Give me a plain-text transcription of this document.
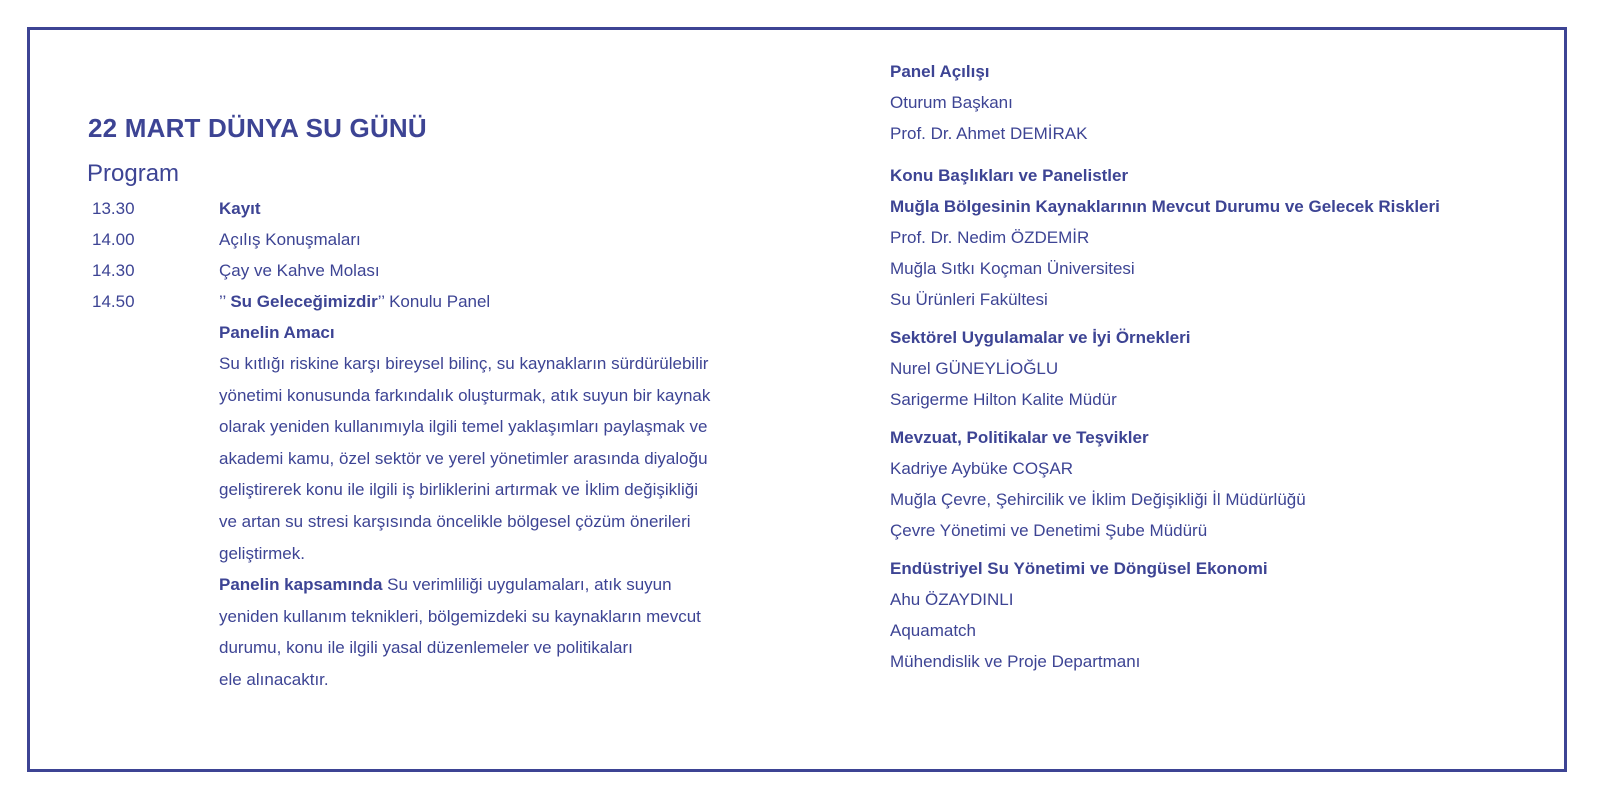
22 MART DÜNYA SU GÜNÜ
Program
13.30	Kayıt
14.00	Açılış Konuşmaları
14.30	Çay ve Kahve Molası
14.50	’’ Su Geleceğimizdir’’ Konulu Panel
Panelin Amacı
Su kıtlığı riskine karşı bireysel bilinç, su kaynakların sürdürülebilir
yönetimi konusunda farkındalık oluşturmak, atık suyun bir kaynak
olarak yeniden kullanımıyla ilgili temel yaklaşımları paylaşmak ve
akademi kamu, özel sektör ve yerel yönetimler arasında diyaloğu
geliştirerek konu ile ilgili iş birliklerini artırmak ve İklim değişikliği
ve artan su stresi karşısında öncelikle bölgesel çözüm önerileri
geliştirmek.
Panelin kapsamında Su verimliliği uygulamaları, atık suyun
yeniden kullanım teknikleri, bölgemizdeki su kaynakların mevcut
durumu, konu ile ilgili yasal düzenlemeler ve politikaları
ele alınacaktır.
Panel Açılışı
Oturum Başkanı
Prof. Dr. Ahmet DEMİRAK
Konu Başlıkları ve Panelistler
Muğla Bölgesinin Kaynaklarının Mevcut Durumu ve Gelecek Riskleri
Prof. Dr. Nedim ÖZDEMİR
Muğla Sıtkı Koçman Üniversitesi
Su Ürünleri Fakültesi
Sektörel Uygulamalar ve İyi Örnekleri
Nurel GÜNEYLİOĞLU
Sarigerme Hilton Kalite Müdür
Mevzuat, Politikalar ve Teşvikler
Kadriye Aybüke COŞAR
Muğla Çevre, Şehircilik ve İklim Değişikliği İl Müdürlüğü
Çevre Yönetimi ve Denetimi Şube Müdürü
Endüstriyel Su Yönetimi ve Döngüsel Ekonomi
Ahu ÖZAYDINLI
Aquamatch
Mühendislik ve Proje Departmanı
